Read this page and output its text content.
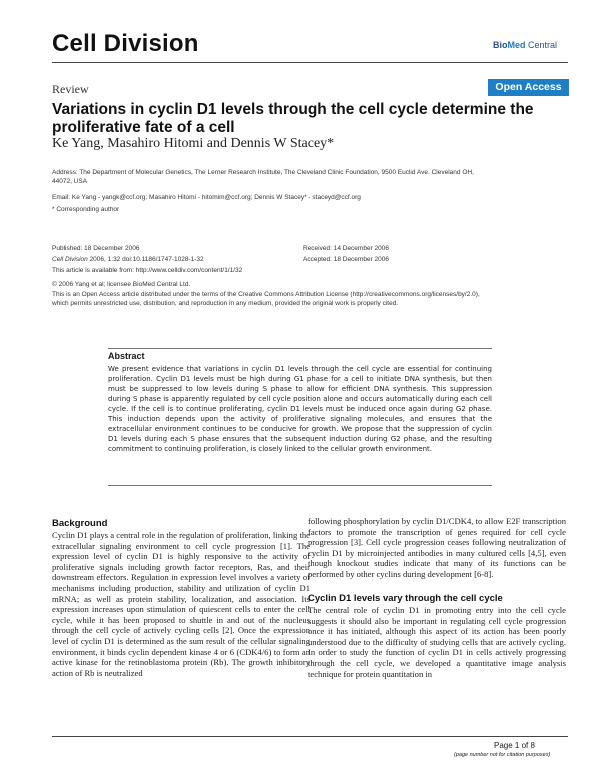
Cell Division	BioMed Central
Review	Open Access
Variations in cyclin D1 levels through the cell cycle determine the proliferative fate of a cell
Ke Yang, Masahiro Hitomi and Dennis W Stacey*
Address: The Department of Molecular Genetics, The Lerner Research Institute, The Cleveland Clinic Foundation, 9500 Euclid Ave. Cleveland OH,
44072, USA
Email: Ke Yang - yangk@ccf.org; Masahiro Hitomi - hitomim@ccf.org; Dennis W Stacey* - staceyd@ccf.org
* Corresponding author
Published: 18 December 2006	Received: 14 December 2006
Cell Division 2006, 1:32 doi:10.1186/1747-1028-1-32	Accepted: 18 December 2006
This article is available from: http://www.celldiv.com/content/1/1/32
© 2006 Yang et al; licensee BioMed Central Ltd.
This is an Open Access article distributed under the terms of the Creative Commons Attribution License (http://creativecommons.org/licenses/by/2.0),
which permits unrestricted use, distribution, and reproduction in any medium, provided the original work is properly cited.
Abstract
We present evidence that variations in cyclin D1 levels through the cell cycle are essential for continuing proliferation. Cyclin D1 levels must be high during G1 phase for a cell to initiate DNA synthesis, but then must be suppressed to low levels during S phase to allow for efficient DNA synthesis. This suppression during S phase is apparently regulated by cell cycle position alone and occurs automatically during each cell cycle. If the cell is to continue proliferating, cyclin D1 levels must be induced once again during G2 phase. This induction depends upon the activity of proliferative signaling molecules, and ensures that the extracellular environment continues to be conducive for growth. We propose that the suppression of cyclin D1 levels during each S phase ensures that the subsequent induction during G2 phase, and the resulting commitment to continuing proliferation, is closely linked to the cellular growth environment.
Background
Cyclin D1 plays a central role in the regulation of proliferation, linking the extracellular signaling environment to cell cycle progression [1]. The expression level of cyclin D1 is highly responsive to the activity of proliferative signals including growth factor receptors, Ras, and their downstream effectors. Regulation in expression level involves a variety of mechanisms including production, stability and utilization of cyclin D1 mRNA; as well as protein stability, localization, and association. Its expression increases upon stimulation of quiescent cells to enter the cell cycle, while it has been proposed to shuttle in and out of the nucleus through the cell cycle of actively cycling cells [2]. Once the expression level of cyclin D1 is determined as the sum result of the cellular signaling environment, it binds cyclin dependent kinase 4 or 6 (CDK4/6) to form an active kinase for the retinoblastoma protein (Rb). The growth inhibitory action of Rb is neutralized
following phosphorylation by cyclin D1/CDK4, to allow E2F transcription factors to promote the transcription of genes required for cell cycle progression [3]. Cell cycle progression ceases following neutralization of cyclin D1 by microinjected antibodies in many cultured cells [4,5], even though knockout studies indicate that many of its functions can be performed by other cyclins during development [6-8].
Cyclin D1 levels vary through the cell cycle
The central role of cyclin D1 in promoting entry into the cell cycle suggests it should also be important in regulating cell cycle progression once it has initiated, although this aspect of its action has been poorly understood due to the difficulty of studying cells that are actively cycling. In order to study the function of cyclin D1 in cells actively progressing through the cell cycle, we developed a quantitative image analysis technique for protein quantitation in
Page 1 of 8
(page number not for citation purposes)
